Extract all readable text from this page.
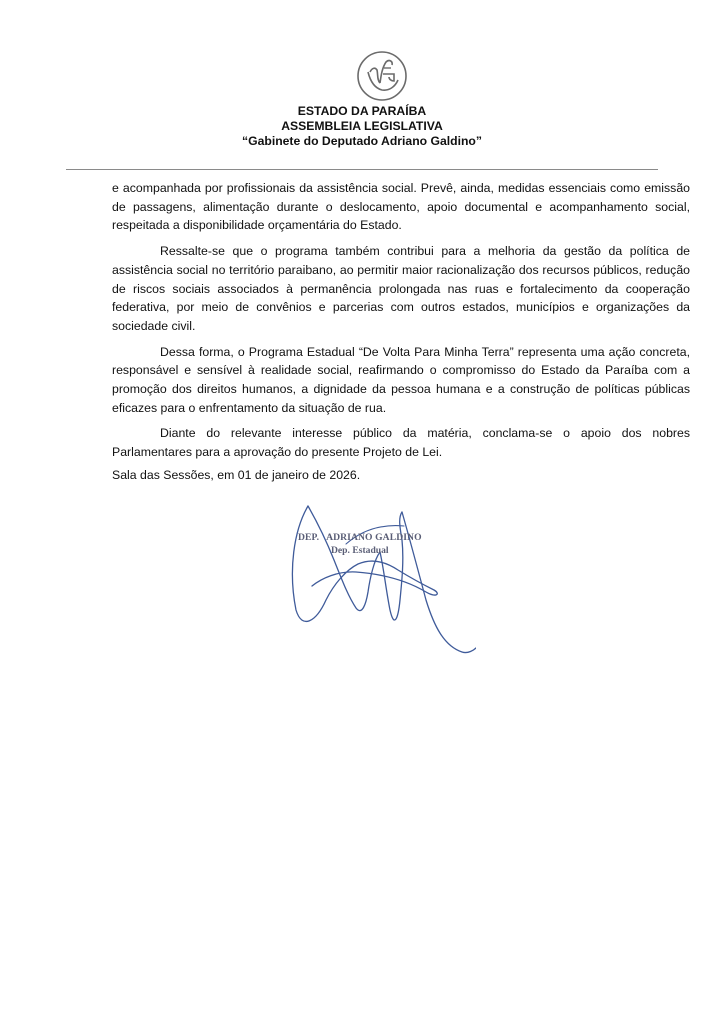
ESTADO DA PARAÍBA
ASSEMBLEIA LEGISLATIVA
“Gabinete do Deputado Adriano Galdino”

e acompanhada por profissionais da assistência social. Prevê, ainda, medidas essenciais como emissão de passagens, alimentação durante o deslocamento, apoio documental e acompanhamento social, respeitada a disponibilidade orçamentária do Estado.

Ressalte-se que o programa também contribui para a melhoria da gestão da política de assistência social no território paraibano, ao permitir maior racionalização dos recursos públicos, redução de riscos sociais associados à permanência prolongada nas ruas e fortalecimento da cooperação federativa, por meio de convênios e parcerias com outros estados, municípios e organizações da sociedade civil.

Dessa forma, o Programa Estadual “De Volta Para Minha Terra” representa uma ação concreta, responsável e sensível à realidade social, reafirmando o compromisso do Estado da Paraíba com a promoção dos direitos humanos, a dignidade da pessoa humana e a construção de políticas públicas eficazes para o enfrentamento da situação de rua.

Diante do relevante interesse público da matéria, conclama-se o apoio dos nobres Parlamentares para a aprovação do presente Projeto de Lei.

Sala das Sessões, em 01 de janeiro de 2026.
DEP.   ADRIANO GALDINO
Dep. Estadual
